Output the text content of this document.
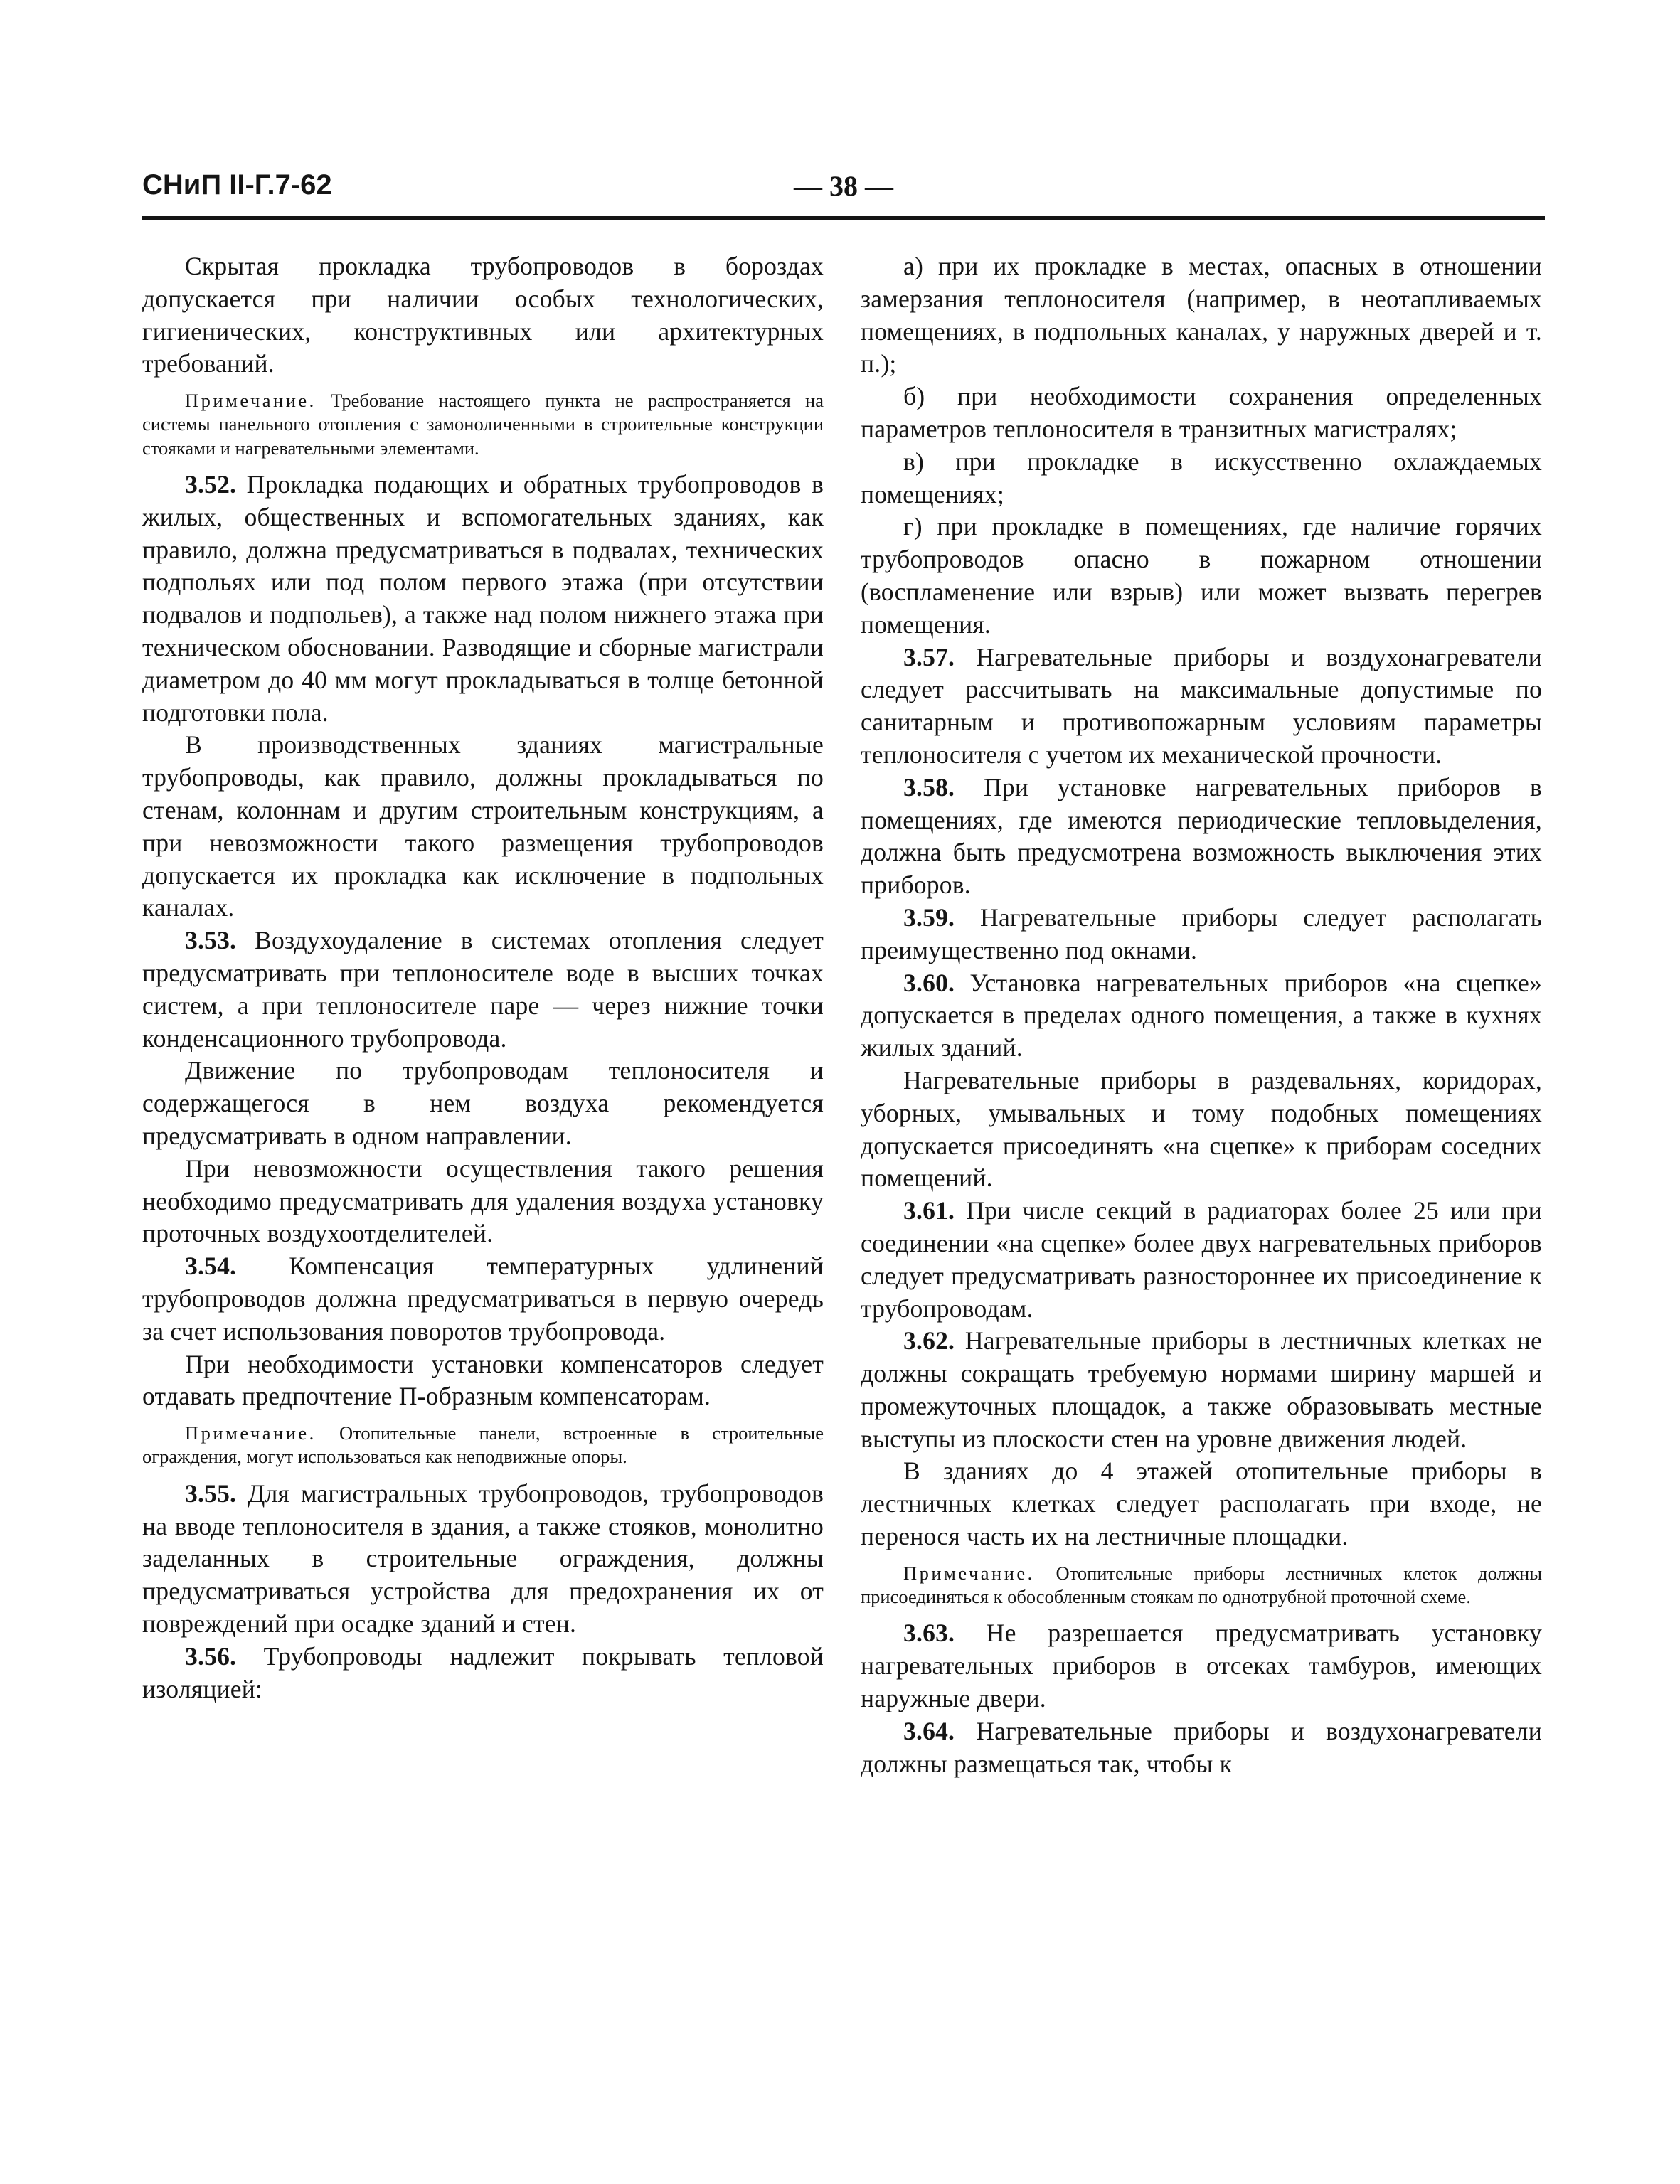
СНиП II-Г.7-62	— 38 —

Скрытая прокладка трубопроводов в бороздах допускается при наличии особых технологических, гигиенических, конструктивных или архитектурных требований.

Примечание. Требование настоящего пункта не распространяется на системы панельного отопления с замоноличенными в строительные конструкции стояками и нагревательными элементами.

3.52. Прокладка подающих и обратных трубопроводов в жилых, общественных и вспомогательных зданиях, как правило, должна предусматриваться в подвалах, технических подпольях или под полом первого этажа (при отсутствии подвалов и подпольев), а также над полом нижнего этажа при техническом обосновании. Разводящие и сборные магистрали диаметром до 40 мм могут прокладываться в толще бетонной подготовки пола.

В производственных зданиях магистральные трубопроводы, как правило, должны прокладываться по стенам, колоннам и другим строительным конструкциям, а при невозможности такого размещения трубопроводов допускается их прокладка как исключение в подпольных каналах.

3.53. Воздухоудаление в системах отопления следует предусматривать при теплоносителе воде в высших точках систем, а при теплоносителе паре — через нижние точки конденсационного трубопровода.

Движение по трубопроводам теплоносителя и содержащегося в нем воздуха рекомендуется предусматривать в одном направлении.

При невозможности осуществления такого решения необходимо предусматривать для удаления воздуха установку проточных воздухоотделителей.

3.54. Компенсация температурных удлинений трубопроводов должна предусматриваться в первую очередь за счет использования поворотов трубопровода.

При необходимости установки компенсаторов следует отдавать предпочтение П-образным компенсаторам.

Примечание. Отопительные панели, встроенные в строительные ограждения, могут использоваться как неподвижные опоры.

3.55. Для магистральных трубопроводов, трубопроводов на вводе теплоносителя в здания, а также стояков, монолитно заделанных в строительные ограждения, должны предусматриваться устройства для предохранения их от повреждений при осадке зданий и стен.

3.56. Трубопроводы надлежит покрывать тепловой изоляцией:

а) при их прокладке в местах, опасных в отношении замерзания теплоносителя (например, в неотапливаемых помещениях, в подпольных каналах, у наружных дверей и т. п.);

б) при необходимости сохранения определенных параметров теплоносителя в транзитных магистралях;

в) при прокладке в искусственно охлаждаемых помещениях;

г) при прокладке в помещениях, где наличие горячих трубопроводов опасно в пожарном отношении (воспламенение или взрыв) или может вызвать перегрев помещения.

3.57. Нагревательные приборы и воздухонагреватели следует рассчитывать на максимальные допустимые по санитарным и противопожарным условиям параметры теплоносителя с учетом их механической прочности.

3.58. При установке нагревательных приборов в помещениях, где имеются периодические тепловыделения, должна быть предусмотрена возможность выключения этих приборов.

3.59. Нагревательные приборы следует располагать преимущественно под окнами.

3.60. Установка нагревательных приборов «на сцепке» допускается в пределах одного помещения, а также в кухнях жилых зданий.

Нагревательные приборы в раздевальнях, коридорах, уборных, умывальных и тому подобных помещениях допускается присоединять «на сцепке» к приборам соседних помещений.

3.61. При числе секций в радиаторах более 25 или при соединении «на сцепке» более двух нагревательных приборов следует предусматривать разностороннее их присоединение к трубопроводам.

3.62. Нагревательные приборы в лестничных клетках не должны сокращать требуемую нормами ширину маршей и промежуточных площадок, а также образовывать местные выступы из плоскости стен на уровне движения людей.

В зданиях до 4 этажей отопительные приборы в лестничных клетках следует располагать при входе, не перенося часть их на лестничные площадки.

Примечание. Отопительные приборы лестничных клеток должны присоединяться к обособленным стоякам по однотрубной проточной схеме.

3.63. Не разрешается предусматривать установку нагревательных приборов в отсеках тамбуров, имеющих наружные двери.

3.64. Нагревательные приборы и воздухонагреватели должны размещаться так, чтобы к
